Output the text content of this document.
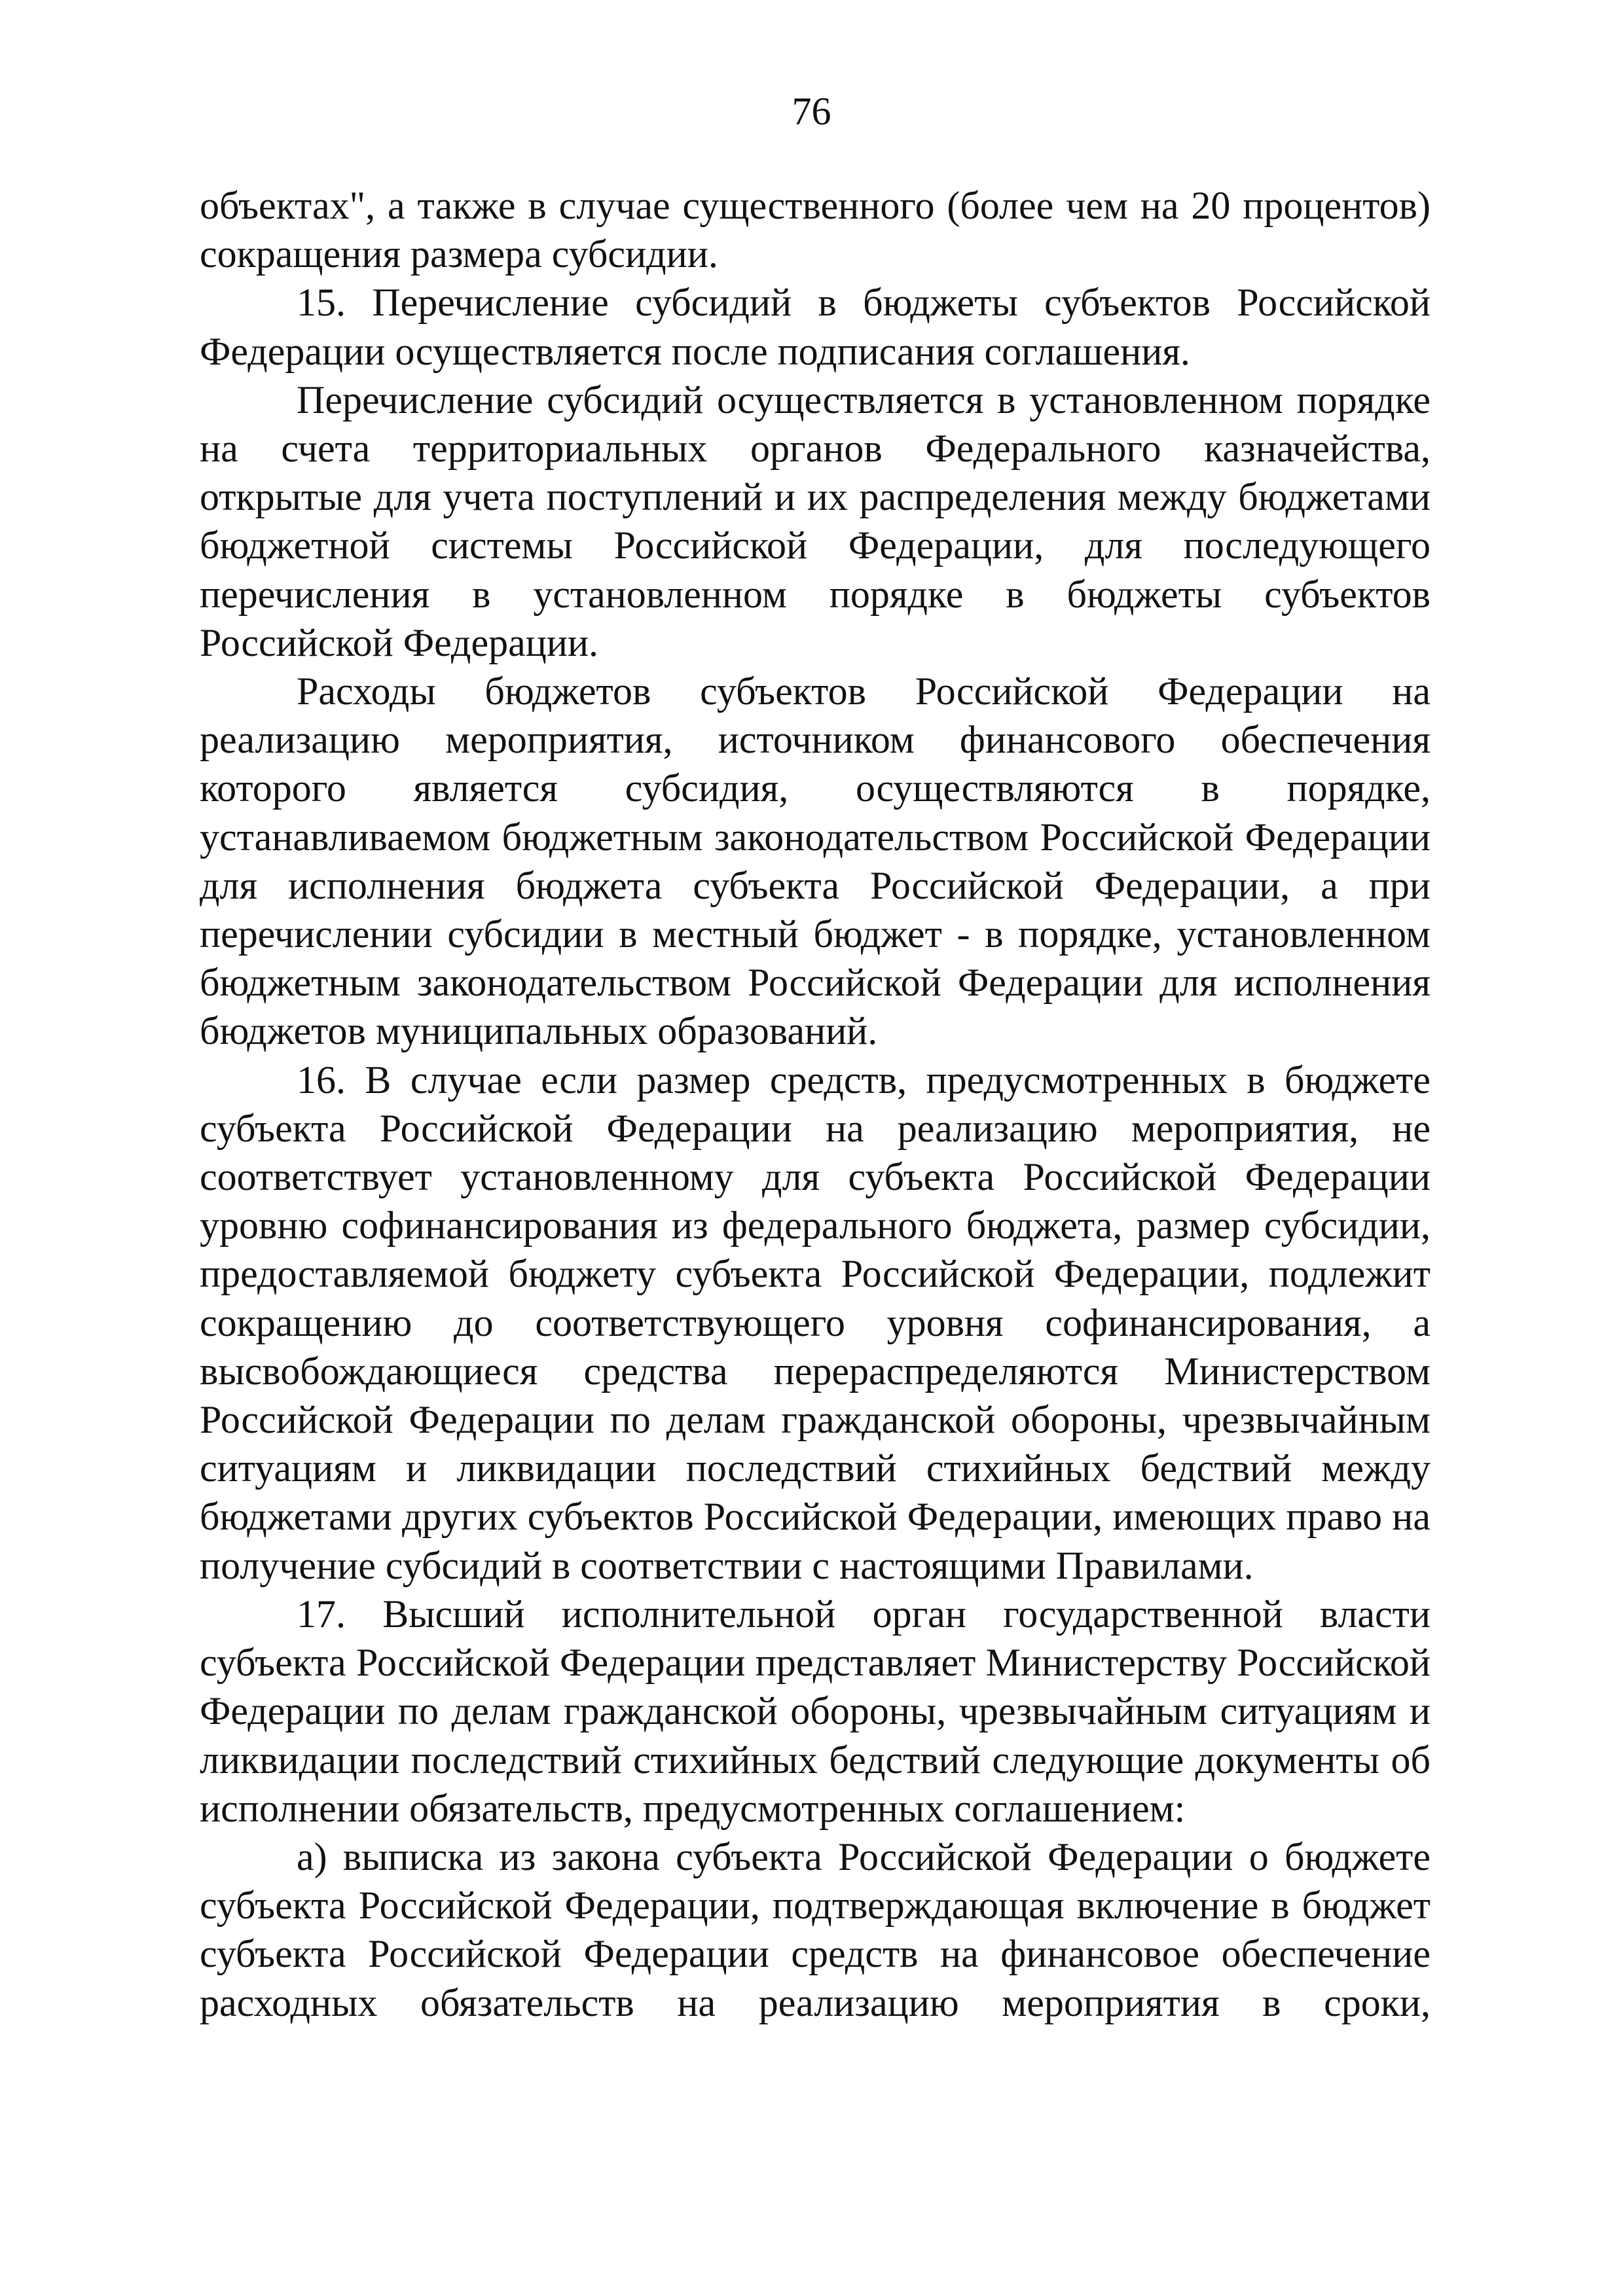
76

объектах", а также в случае существенного (более чем на 20 процентов) сокращения размера субсидии.

15. Перечисление субсидий в бюджеты субъектов Российской Федерации осуществляется после подписания соглашения.

Перечисление субсидий осуществляется в установленном порядке на счета территориальных органов Федерального казначейства, открытые для учета поступлений и их распределения между бюджетами бюджетной системы Российской Федерации, для последующего перечисления в установленном порядке в бюджеты субъектов Российской Федерации.

Расходы бюджетов субъектов Российской Федерации на реализацию мероприятия, источником финансового обеспечения которого является субсидия, осуществляются в порядке, устанавливаемом бюджетным законодательством Российской Федерации для исполнения бюджета субъекта Российской Федерации, а при перечислении субсидии в местный бюджет - в порядке, установленном бюджетным законодательством Российской Федерации для исполнения бюджетов муниципальных образований.

16. В случае если размер средств, предусмотренных в бюджете субъекта Российской Федерации на реализацию мероприятия, не соответствует установленному для субъекта Российской Федерации уровню софинансирования из федерального бюджета, размер субсидии, предоставляемой бюджету субъекта Российской Федерации, подлежит сокращению до соответствующего уровня софинансирования, а высвобождающиеся средства перераспределяются Министерством Российской Федерации по делам гражданской обороны, чрезвычайным ситуациям и ликвидации последствий стихийных бедствий между бюджетами других субъектов Российской Федерации, имеющих право на получение субсидий в соответствии с настоящими Правилами.

17. Высший исполнительной орган государственной власти субъекта Российской Федерации представляет Министерству Российской Федерации по делам гражданской обороны, чрезвычайным ситуациям и ликвидации последствий стихийных бедствий следующие документы об исполнении обязательств, предусмотренных соглашением:

а) выписка из закона субъекта Российской Федерации о бюджете субъекта Российской Федерации, подтверждающая включение в бюджет субъекта Российской Федерации средств на финансовое обеспечение расходных обязательств на реализацию мероприятия в сроки,
